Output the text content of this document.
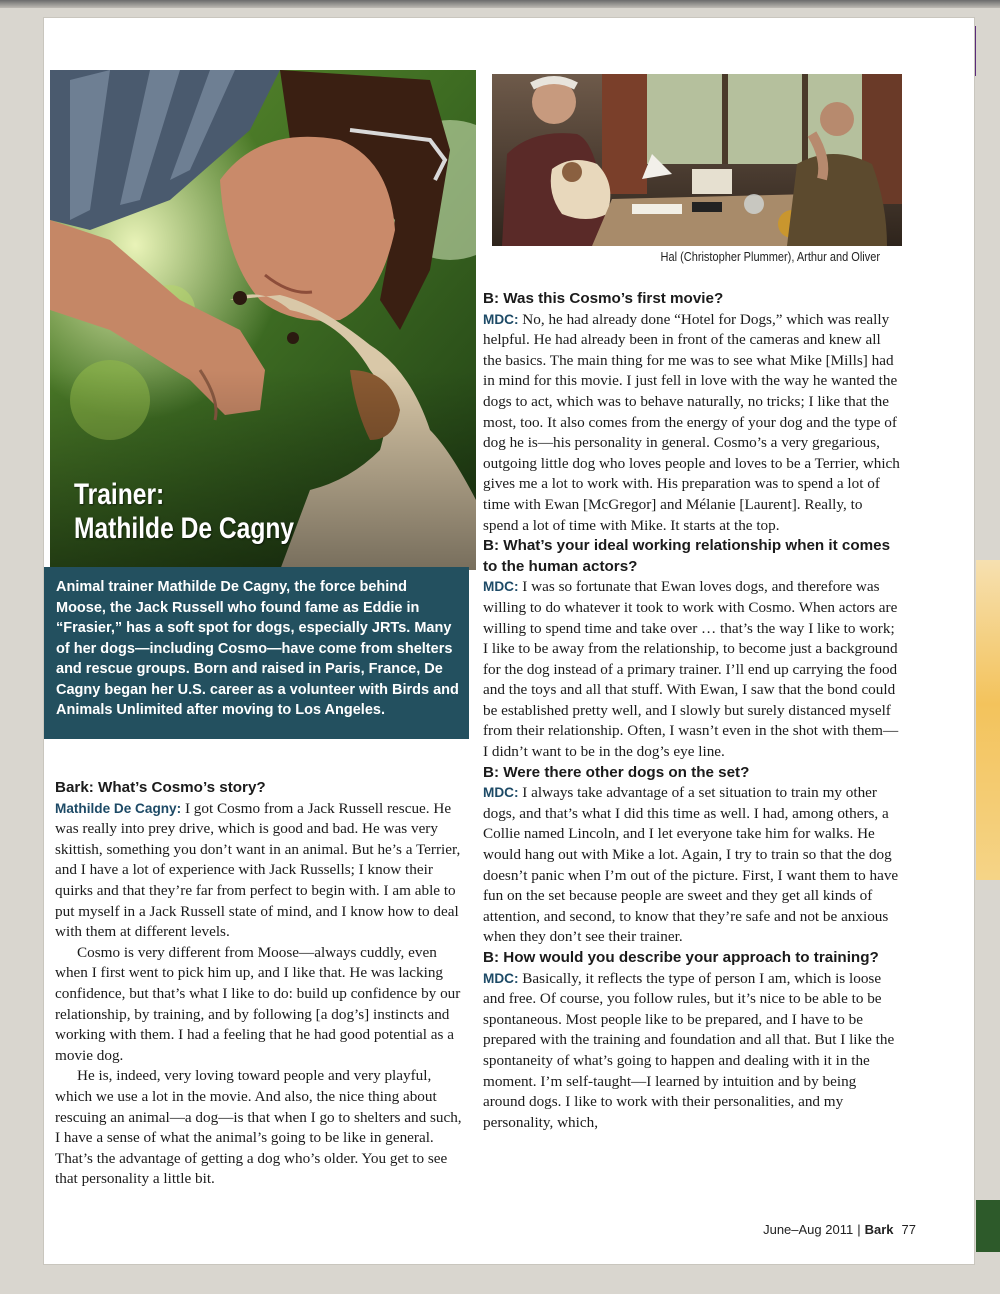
Trainer:
Mathilde De Cagny
Animal trainer Mathilde De Cagny, the force behind Moose, the Jack Russell who found fame as Eddie in “Frasier,” has a soft spot for dogs, especially JRTs. Many of her dogs—including Cosmo—have come from shelters and rescue groups. Born and raised in Paris, France, De Cagny began her U.S. career as a volunteer with Birds and Animals Unlimited after moving to Los Angeles.
Hal (Christopher Plummer), Arthur and Oliver

Bark: What’s Cosmo’s story?

Mathilde De Cagny: I got Cosmo from a Jack Russell rescue. He was really into prey drive, which is good and bad. He was very skittish, something you don’t want in an animal. But he’s a Terrier, and I have a lot of experience with Jack Russells; I know their quirks and that they’re far from perfect to begin with. I am able to put myself in a Jack Russell state of mind, and I know how to deal with them at different levels.

Cosmo is very different from Moose—always cuddly, even when I first went to pick him up, and I like that. He was lacking confidence, but that’s what I like to do: build up confidence by our relationship, by training, and by following [a dog’s] instincts and working with them. I had a feeling that he had good potential as a movie dog.

He is, indeed, very loving toward people and very playful, which we use a lot in the movie. And also, the nice thing about rescuing an animal—a dog—is that when I go to shelters and such, I have a sense of what the animal’s going to be like in general. That’s the advantage of getting a dog who’s older. You get to see that personality a little bit.

B: Was this Cosmo’s first movie?

MDC: No, he had already done “Hotel for Dogs,” which was really helpful. He had already been in front of the cameras and knew all the basics. The main thing for me was to see what Mike [Mills] had in mind for this movie. I just fell in love with the way he wanted the dogs to act, which was to behave naturally, no tricks; I like that the most, too. It also comes from the energy of your dog and the type of dog he is—his personality in general. Cosmo’s a very gregarious, outgoing little dog who loves people and loves to be a Terrier, which gives me a lot to work with. His preparation was to spend a lot of time with Ewan [McGregor] and Mélanie [Laurent]. Really, to spend a lot of time with Mike. It starts at the top.

B: What’s your ideal working relationship when it comes to the human actors?

MDC: I was so fortunate that Ewan loves dogs, and therefore was willing to do whatever it took to work with Cosmo. When actors are willing to spend time and take over … that’s the way I like to work; I like to be away from the relationship, to become just a background for the dog instead of a primary trainer. I’ll end up carrying the food and the toys and all that stuff. With Ewan, I saw that the bond could be established pretty well, and I slowly but surely distanced myself from their relationship. Often, I wasn’t even in the shot with them—I didn’t want to be in the dog’s eye line.

B: Were there other dogs on the set?

MDC: I always take advantage of a set situation to train my other dogs, and that’s what I did this time as well. I had, among others, a Collie named Lincoln, and I let everyone take him for walks. He would hang out with Mike a lot. Again, I try to train so that the dog doesn’t panic when I’m out of the picture. First, I want them to have fun on the set because people are sweet and they get all kinds of attention, and second, to know that they’re safe and not be anxious when they don’t see their trainer.

B: How would you describe your approach to training?

MDC: Basically, it reflects the type of person I am, which is loose and free. Of course, you follow rules, but it’s nice to be able to be spontaneous. Most people like to be prepared, and I have to be prepared with the training and foundation and all that. But I like the spontaneity of what’s going to happen and dealing with it in the moment. I’m self-taught—I learned by intuition and by being around dogs. I like to work with their personalities, and my personality, which,

June–Aug 2011 | Bark 77
